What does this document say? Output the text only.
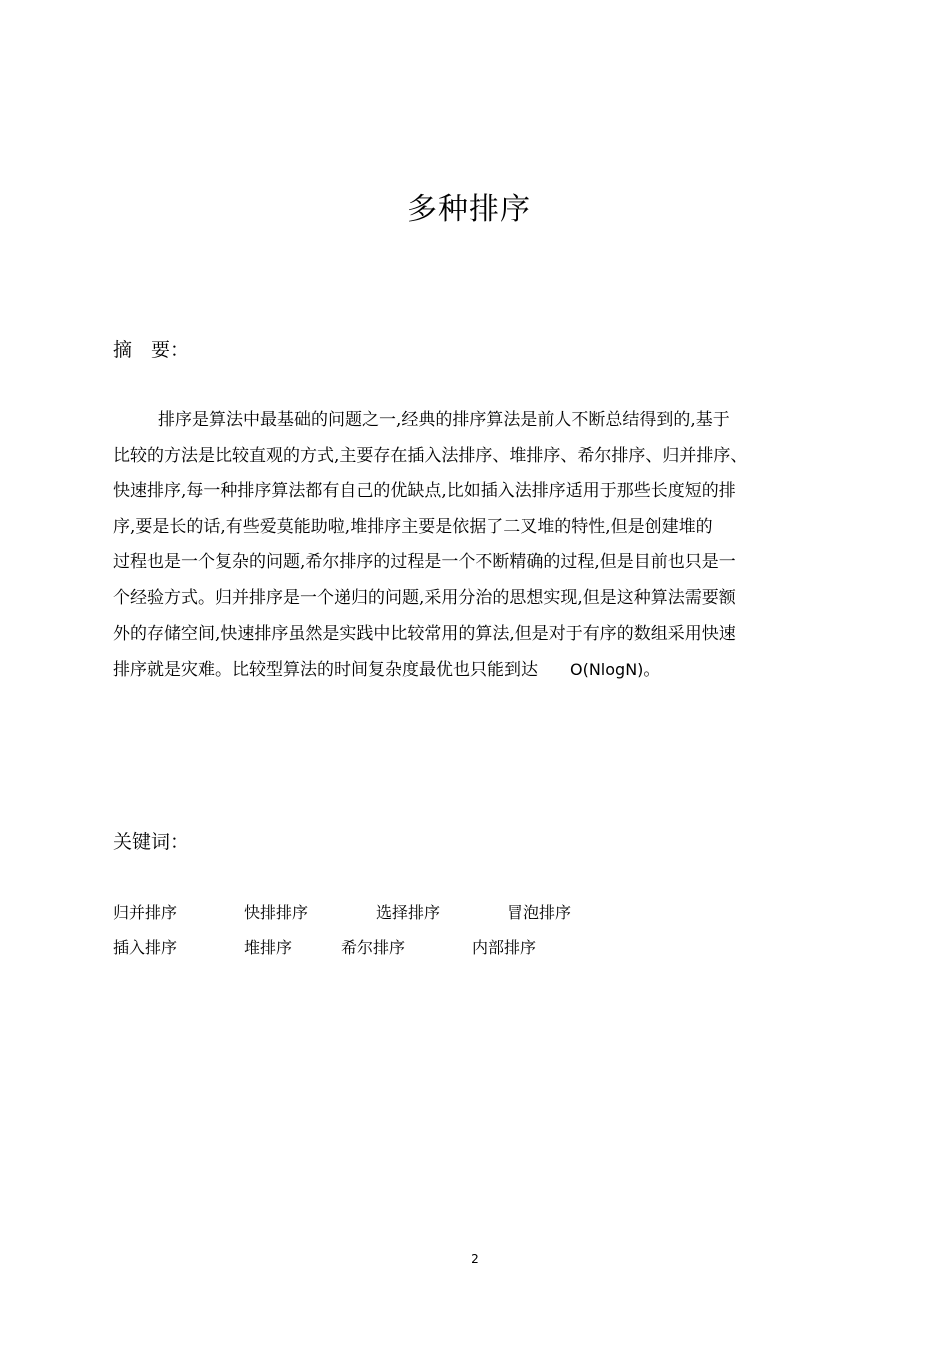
多种排序
摘　要：
排序是算法中最基础的问题之一,经典的排序算法是前人不断总结得到的,基于
比较的方法是比较直观的方式,主要存在插入法排序、堆排序、希尔排序、归并排序、
快速排序,每一种排序算法都有自己的优缺点,比如插入法排序适用于那些长度短的排
序,要是长的话,有些爱莫能助啦,堆排序主要是依据了二叉堆的特性,但是创建堆的
过程也是一个复杂的问题,希尔排序的过程是一个不断精确的过程,但是目前也只是一
个经验方式。归并排序是一个递归的问题,采用分治的思想实现,但是这种算法需要额
外的存储空间,快速排序虽然是实践中比较常用的算法,但是对于有序的数组采用快速
排序就是灾难。比较型算法的时间复杂度最优也只能到达 O(NlogN)。
关键词：
归并排序	快排排序	选择排序	冒泡排序
插入排序	堆排序	希尔排序	内部排序
2
